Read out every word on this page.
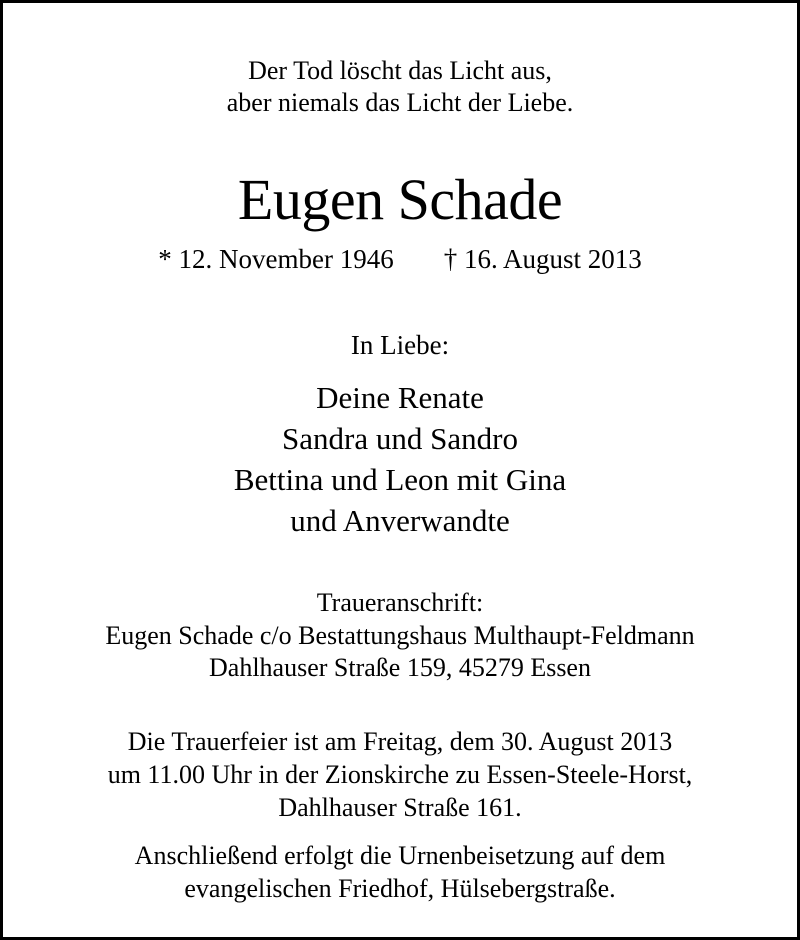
Der Tod löscht das Licht aus,

aber niemals das Licht der Liebe.

Eugen Schade

* 12. November 1946 † 16. August 2013

In Liebe:

Deine Renate

Sandra und Sandro

Bettina und Leon mit Gina

und Anverwandte

Traueranschrift:

Eugen Schade c/o Bestattungshaus Multhaupt-Feldmann

Dahlhauser Straße 159, 45279 Essen

Die Trauerfeier ist am Freitag, dem 30. August 2013

um 11.00 Uhr in der Zionskirche zu Essen-Steele-Horst,

Dahlhauser Straße 161.

Anschließend erfolgt die Urnenbeisetzung auf dem

evangelischen Friedhof, Hülsebergstraße.
